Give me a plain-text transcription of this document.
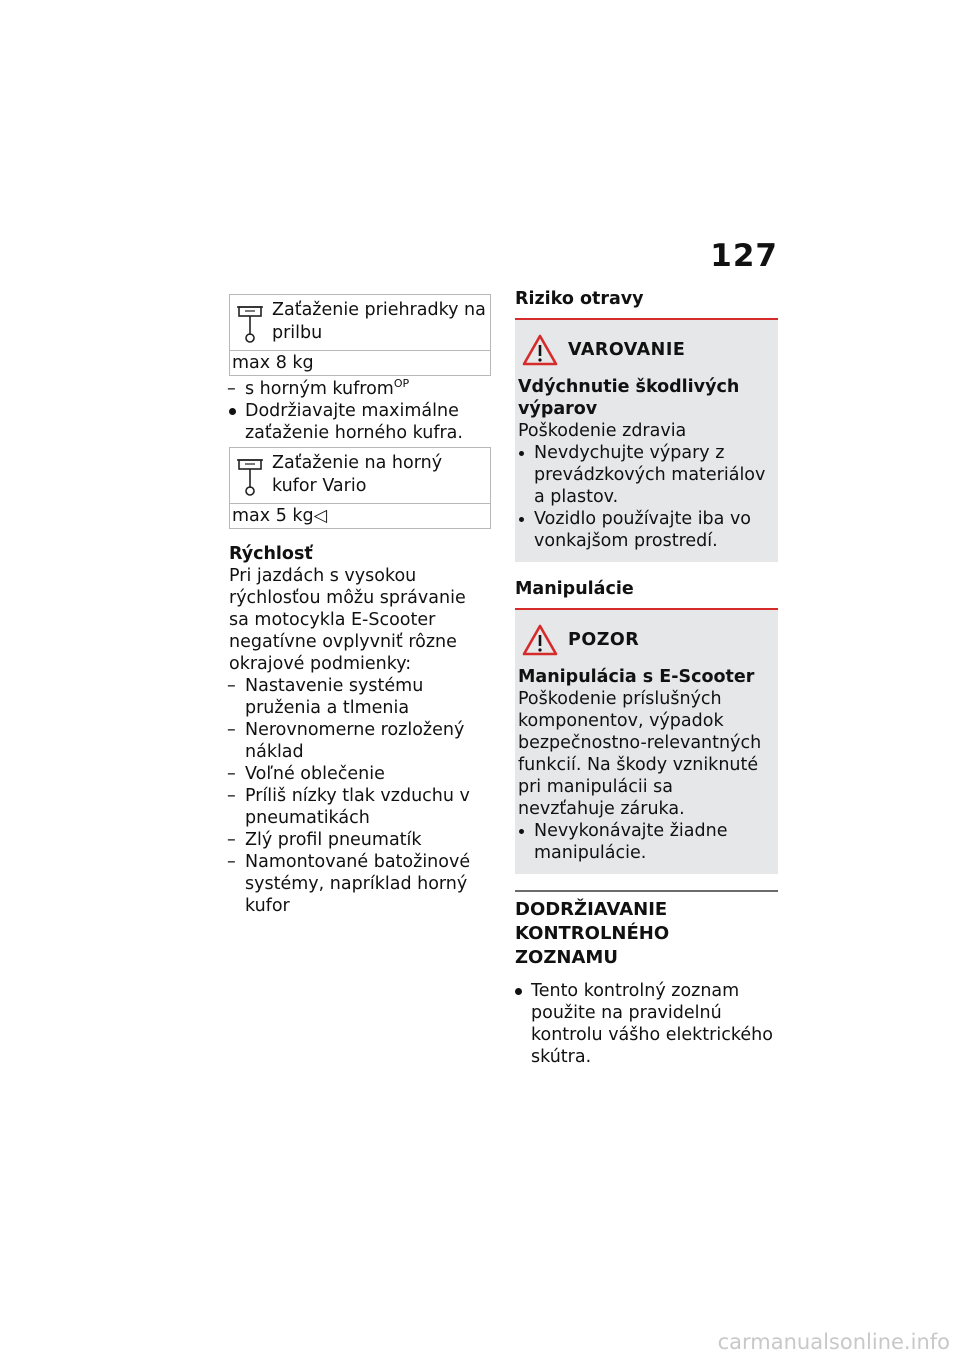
127
Zaťaženie priehradky na prilbu
max 8 kg
– s horným kufrom$^{OP}$
Dodržiavajte maximálne zaťaženie horného kufra.
Zaťaženie na horný kufor Vario
max 5 kg◁
Rýchlosť
Pri jazdách s vysokou rýchlosťou môžu správanie sa motocykla E-Scooter negatívne ovplyvniť rôzne okrajové podmienky:
– Nastavenie systému pruženia a tlmenia
– Nerovnomerne rozložený náklad
– Voľné oblečenie
– Príliš nízky tlak vzduchu v pneumatikách
– Zlý profil pneumatík
– Namontované batožinové systémy, napríklad horný kufor
Riziko otravy
VAROVANIE
Vdýchnutie škodlivých výparov
Poškodenie zdravia
Nevdychujte výpary z prevádzkových materiálov a plastov.
Vozidlo používajte iba vo vonkajšom prostredí.
Manipulácie
POZOR
Manipulácia s E-Scooter
Poškodenie príslušných komponentov, výpadok bezpečnostno-relevantných funkcií. Na škody vzniknuté pri manipulácii sa nevzťahuje záruka.
Nevykonávajte žiadne manipulácie.
DODRŽIAVANIE KONTROLNÉHO ZOZNAMU
Tento kontrolný zoznam použite na pravidelnú kontrolu vášho elektrického skútra.
carmanualsonline.info
